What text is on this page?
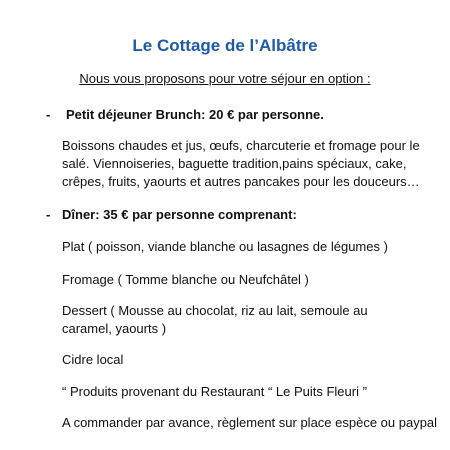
Le Cottage de l’Albâtre
Nous vous proposons pour votre séjour en option :
- Petit déjeuner Brunch: 20 € par personne.
Boissons chaudes et jus, œufs, charcuterie et fromage pour le salé. Viennoiseries, baguette tradition,pains spéciaux, cake, crêpes, fruits, yaourts et autres pancakes pour les douceurs…
- Dîner: 35 € par personne comprenant:
Plat ( poisson, viande blanche ou lasagnes de légumes )
Fromage ( Tomme blanche ou Neufchâtel )
Dessert ( Mousse au chocolat, riz au lait, semoule au caramel, yaourts )
Cidre local
“ Produits provenant du Restaurant “ Le Puits Fleuri ”
A commander par avance, règlement sur place espèce ou paypal
